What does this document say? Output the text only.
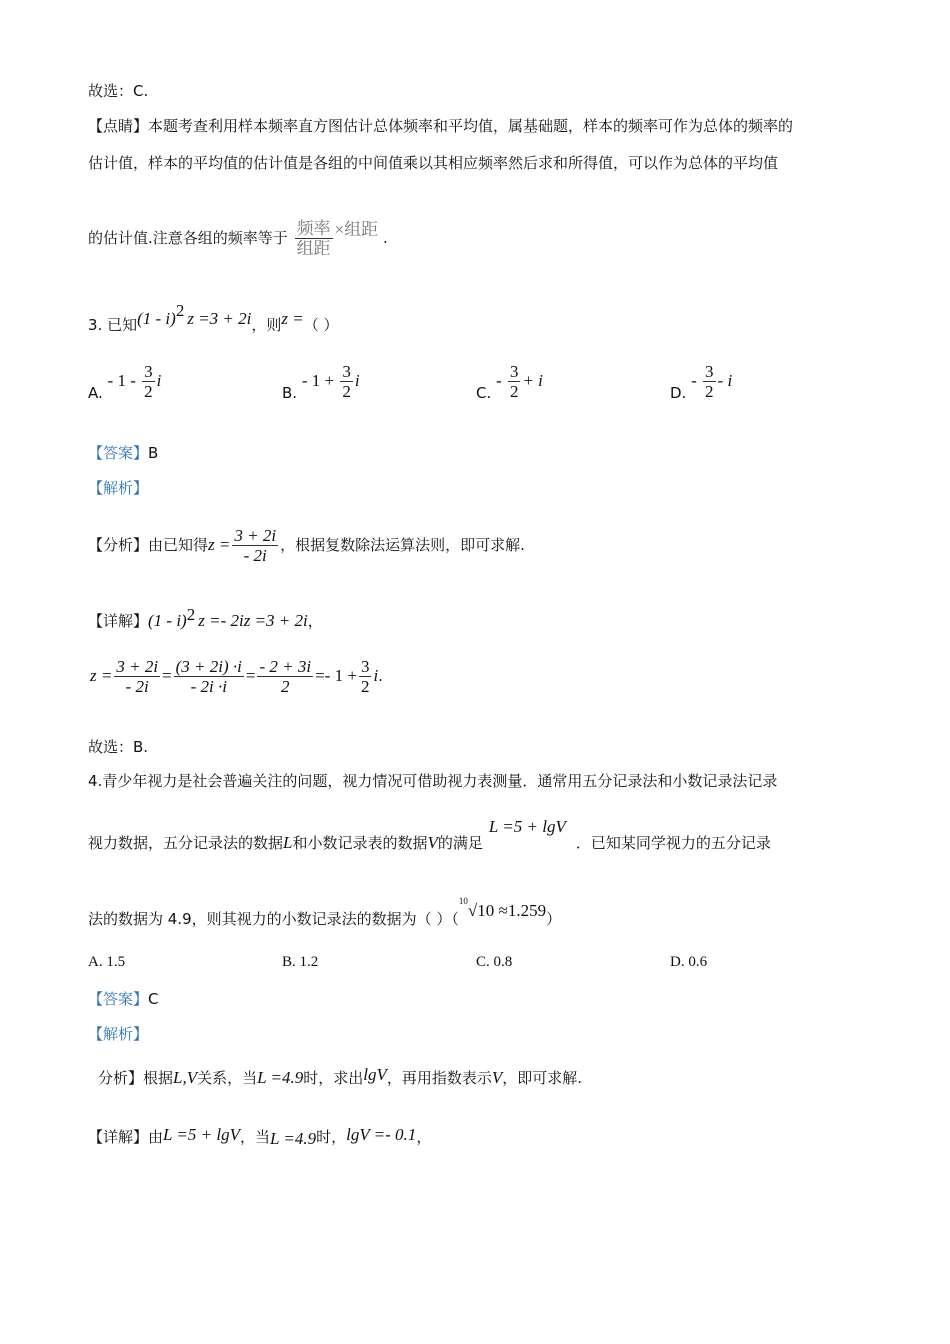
故选：C.
【点睛】本题考查利用样本频率直方图估计总体频率和平均值，属基础题，样本的频率可作为总体的频率的
估计值，样本的平均值的估计值是各组的中间值乘以其相应频率然后求和所得值，可以作为总体的平均值
的估计值.注意各组的频率等于 $\frac{\text{频率}}{\text{组距}}$ ×组距 .
3. 已知(1 - i)$^2$ z =3 + 2i，则z =（ ）
A. - $1 - \frac{3}{2}$ i
B. - $1 + \frac{3}{2}$ i
C. - $\frac{3}{2} + i$
D. - $\frac{3}{2}$ - i
【答案】B
【解析】
【分析】由已知得$z = \frac{3 + 2i}{- 2i}$ ，根据复数除法运算法则，即可求解.
【详解】(1 - i)$^2$ z =- 2iz =3 + 2i，
$z = \frac{3 + 2i}{- 2i} = \frac{(3 + 2i) \cdot i}{- 2i \cdot i} = \frac{- 2 + 3i}{2} =- 1 + \frac{3}{2} i$.
故选：B.
4.青少年视力是社会普遍关注的问题，视力情况可借助视力表测量．通常用五分记录法和小数记录法记录
视力数据，五分记录法的数据L和小数记录表的数据V的满足L =5 + lgV．已知某同学视力的五分记录
法的数据为 4.9，则其视力的小数记录法的数据为（ ）（$^{10}$√10 ≈1.259）
A. 1.5	B. 1.2	C. 0.8	D. 0.6
【答案】C
【解析】
分析】根据L,V关系，当L =4.9时，求出lgV，再用指数表示V，即可求解.
【详解】由L =5 + lgV，当L =4.9时，lgV =- 0.1，
